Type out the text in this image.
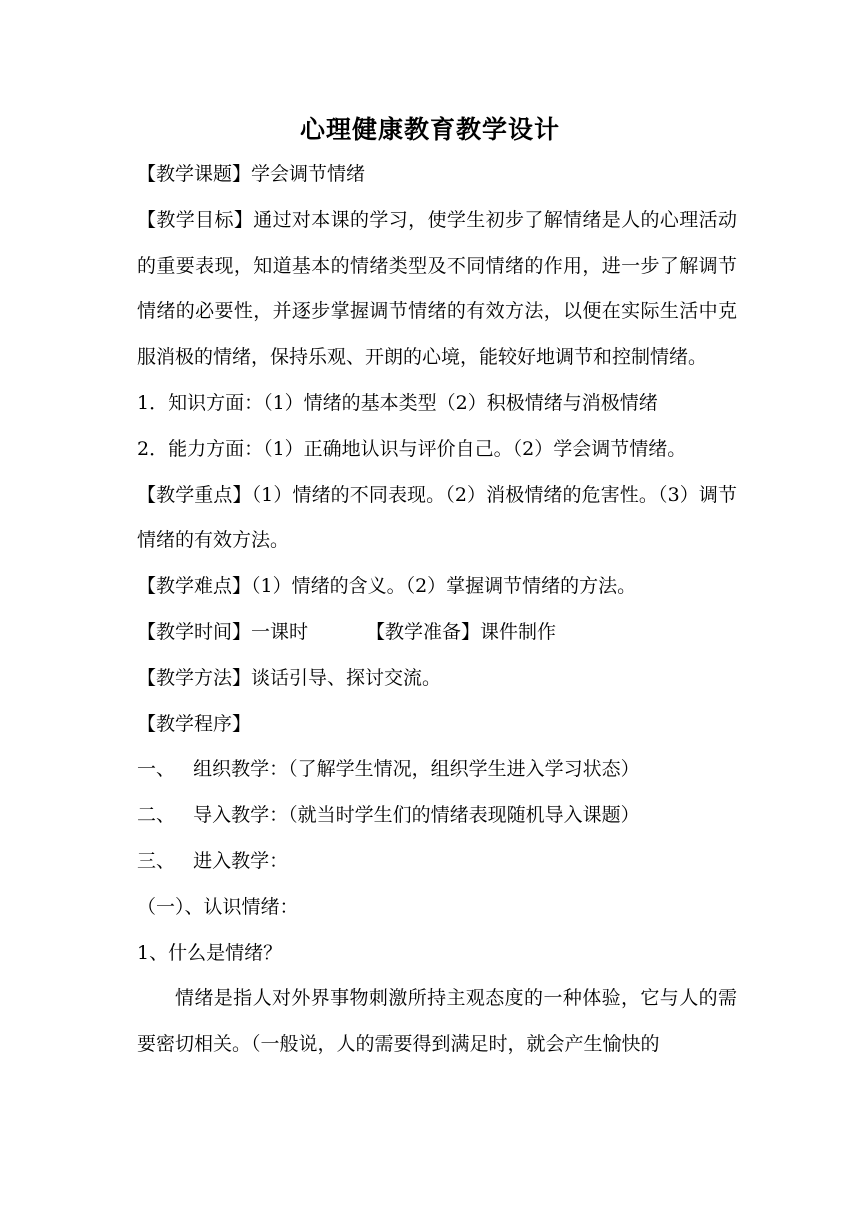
心理健康教育教学设计

【教学课题】学会调节情绪

【教学目标】通过对本课的学习，使学生初步了解情绪是人的心理活动的重要表现，知道基本的情绪类型及不同情绪的作用，进一步了解调节情绪的必要性，并逐步掌握调节情绪的有效方法，以便在实际生活中克服消极的情绪，保持乐观、开朗的心境，能较好地调节和控制情绪。

1．知识方面：（1）情绪的基本类型（2）积极情绪与消极情绪

2．能力方面：（1）正确地认识与评价自己。（2）学会调节情绪。

【教学重点】（1）情绪的不同表现。（2）消极情绪的危害性。（3）调节情绪的有效方法。

【教学难点】（1）情绪的含义。（2）掌握调节情绪的方法。

【教学时间】一课时	【教学准备】课件制作

【教学方法】谈话引导、探讨交流。

【教学程序】

一、   组织教学：（了解学生情况，组织学生进入学习状态）

二、   导入教学：（就当时学生们的情绪表现随机导入课题）

三、   进入教学：

（一）、认识情绪：

1、什么是情绪？

情绪是指人对外界事物刺激所持主观态度的一种体验，它与人的需要密切相关。（一般说，人的需要得到满足时，就会产生愉快的
